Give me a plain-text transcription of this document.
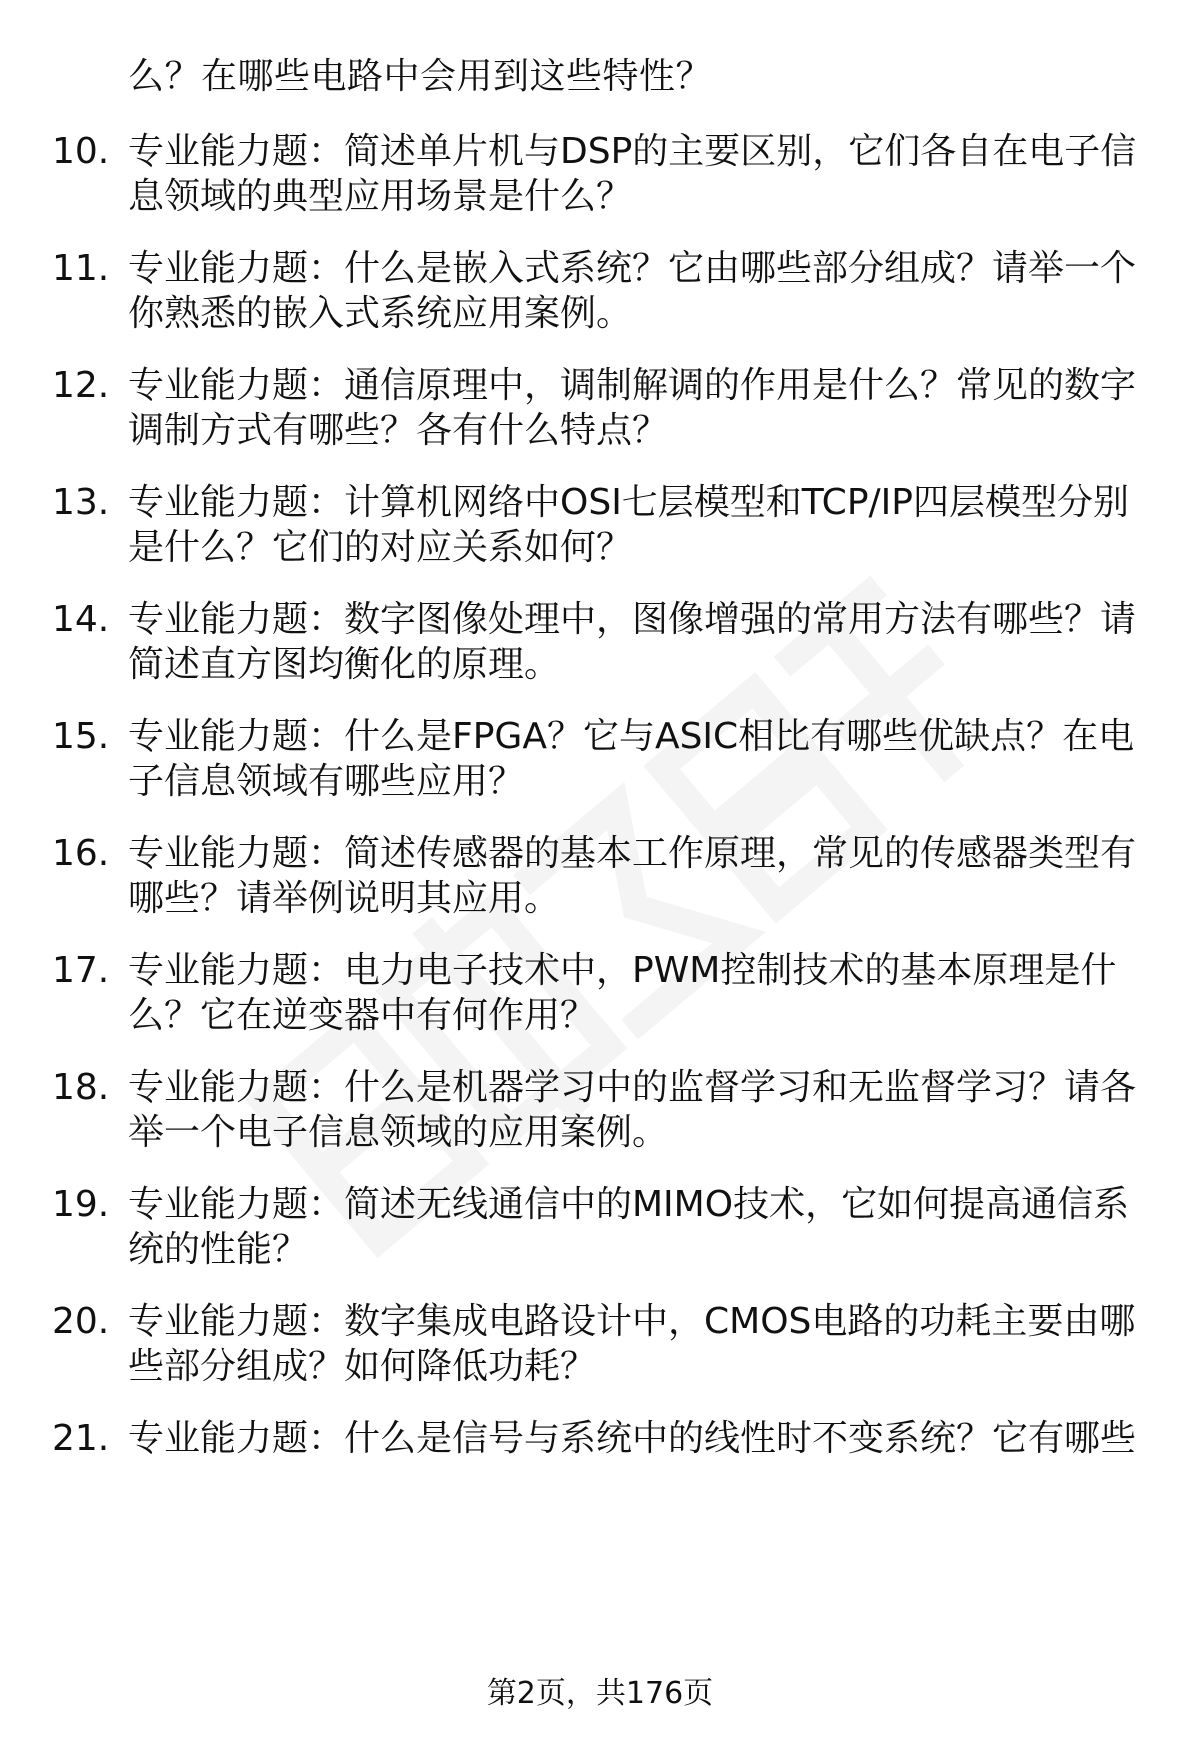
么？在哪些电路中会用到这些特性？
10. 专业能力题：简述单片机与DSP的主要区别，它们各自在电子信
息领域的典型应用场景是什么？
11. 专业能力题：什么是嵌入式系统？它由哪些部分组成？请举一个
你熟悉的嵌入式系统应用案例。
12. 专业能力题：通信原理中，调制解调的作用是什么？常见的数字
调制方式有哪些？各有什么特点？
13. 专业能力题：计算机网络中OSI七层模型和TCP/IP四层模型分别
是什么？它们的对应关系如何？
14. 专业能力题：数字图像处理中，图像增强的常用方法有哪些？请
简述直方图均衡化的原理。
15. 专业能力题：什么是FPGA？它与ASIC相比有哪些优缺点？在电
子信息领域有哪些应用？
16. 专业能力题：简述传感器的基本工作原理，常见的传感器类型有
哪些？请举例说明其应用。
17. 专业能力题：电力电子技术中，PWM控制技术的基本原理是什
么？它在逆变器中有何作用？
18. 专业能力题：什么是机器学习中的监督学习和无监督学习？请各
举一个电子信息领域的应用案例。
19. 专业能力题：简述无线通信中的MIMO技术，它如何提高通信系
统的性能？
20. 专业能力题：数字集成电路设计中，CMOS电路的功耗主要由哪
些部分组成？如何降低功耗？
21. 专业能力题：什么是信号与系统中的线性时不变系统？它有哪些
第2页，共176页
